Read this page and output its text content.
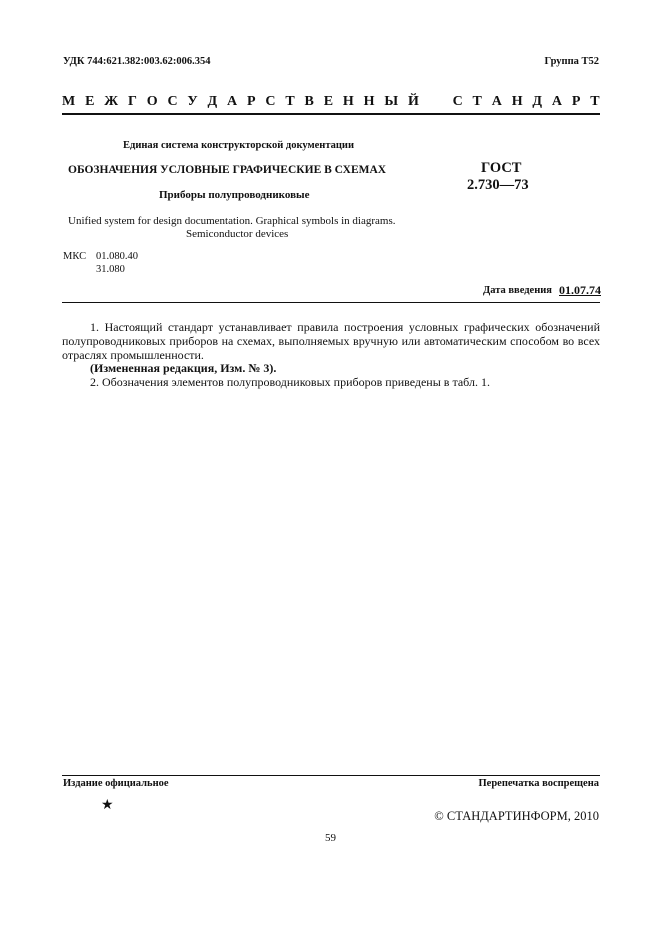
УДК 744:621.382:003.62:006.354	Группа Т52
М Е Ж Г О С У Д А Р С Т В Е Н Н Ы Й С Т А Н Д А Р Т
Единая система конструкторской документации
ОБОЗНАЧЕНИЯ УСЛОВНЫЕ ГРАФИЧЕСКИЕ В СХЕМАХ
Приборы полупроводниковые
ГОСТ
2.730—73
Unified system for design documentation. Graphical symbols in diagrams.
Semiconductor devices
МКС 01.080.40
31.080
Дата введения 01.07.74
1. Настоящий стандарт устанавливает правила построения условных графических обозначений полупроводниковых приборов на схемах, выполняемых вручную или автоматическим способом во всех отраслях промышленности.
(Измененная редакция, Изм. № 3).
2. Обозначения элементов полупроводниковых приборов приведены в табл. 1.
Издание официальное	Перепечатка воспрещена
★
© СТАНДАРТИНФОРМ, 2010
59
